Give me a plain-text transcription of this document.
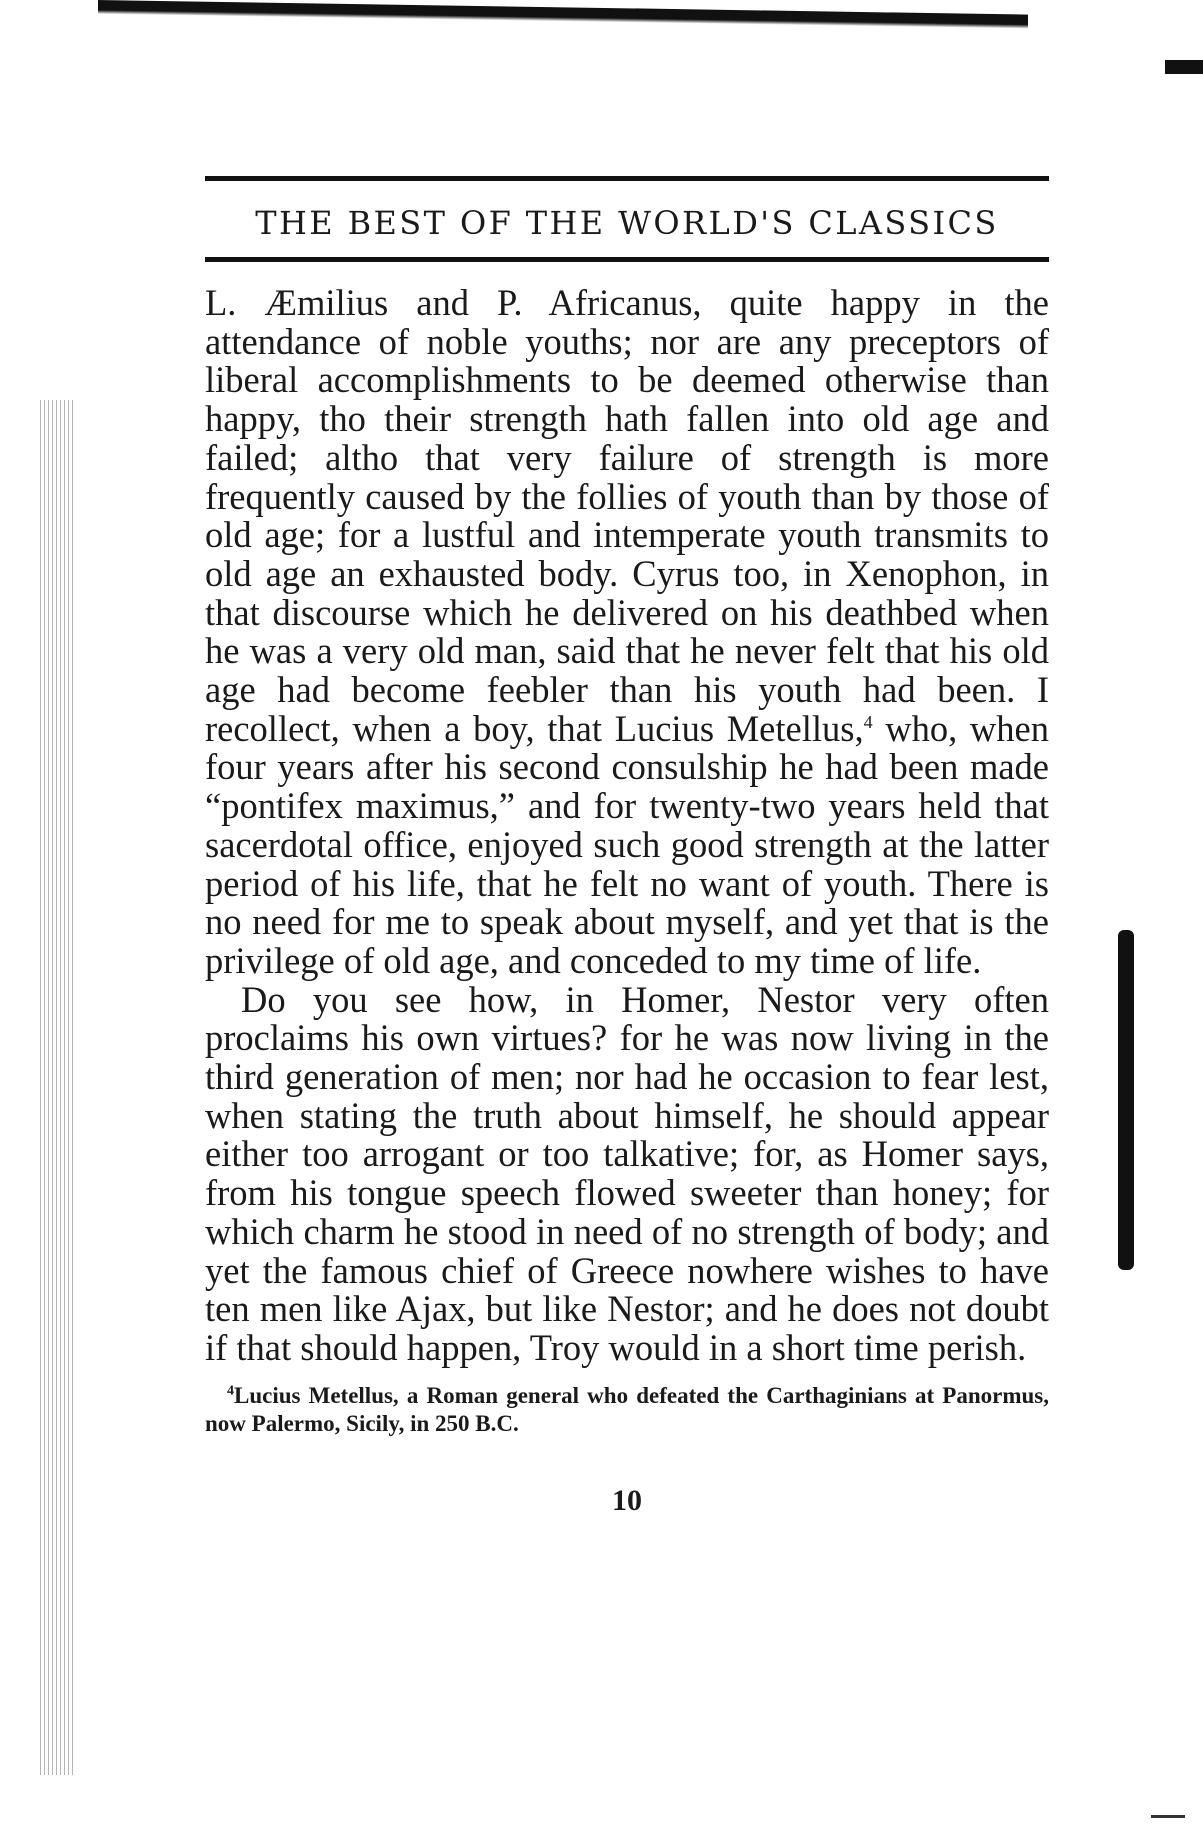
THE BEST OF THE WORLD'S CLASSICS

L. Æmilius and P. Africanus, quite happy in the attendance of noble youths; nor are any preceptors of liberal accomplishments to be deemed otherwise than happy, tho their strength hath fallen into old age and failed; altho that very failure of strength is more frequently caused by the follies of youth than by those of old age; for a lustful and intemperate youth transmits to old age an exhausted body. Cyrus too, in Xenophon, in that discourse which he delivered on his deathbed when he was a very old man, said that he never felt that his old age had become feebler than his youth had been. I recollect, when a boy, that Lucius Metellus,$^4$ who, when four years after his second consulship he had been made “pontifex maximus,” and for twenty-two years held that sacerdotal office, enjoyed such good strength at the latter period of his life, that he felt no want of youth. There is no need for me to speak about myself, and yet that is the privilege of old age, and conceded to my time of life.

Do you see how, in Homer, Nestor very often proclaims his own virtues? for he was now living in the third generation of men; nor had he occasion to fear lest, when stating the truth about himself, he should appear either too arrogant or too talkative; for, as Homer says, from his tongue speech flowed sweeter than honey; for which charm he stood in need of no strength of body; and yet the famous chief of Greece nowhere wishes to have ten men like Ajax, but like Nestor; and he does not doubt if that should happen, Troy would in a short time perish.

$^4$Lucius Metellus, a Roman general who defeated the Carthaginians at Panormus, now Palermo, Sicily, in 250 B.C.
10
